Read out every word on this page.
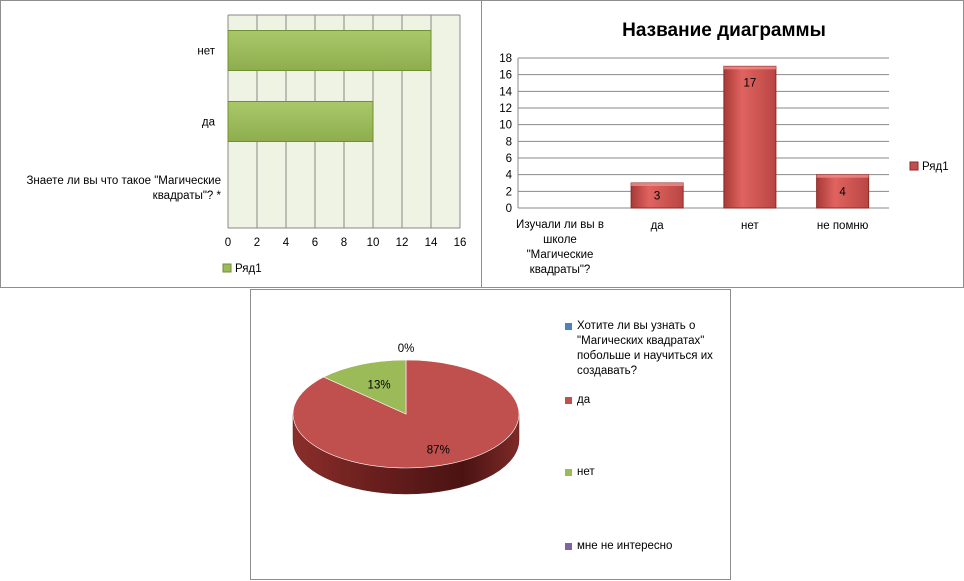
0 2 4 6 8 10 12 14 16
да
нет
Ряд1
Знаете ли вы что такое "Магические квадраты"? *
Название диаграммы
0
2
4
6
8
10
12
14
16
18
да
3
нет
17
не помню
4
Ряд1
Изучали ли вы в школе "Магические квадраты"?
0%
87%
13%
Хотите ли вы узнать о "Магических квадратах" побольше и научиться их создавать?
да
нет
мне не интересно
